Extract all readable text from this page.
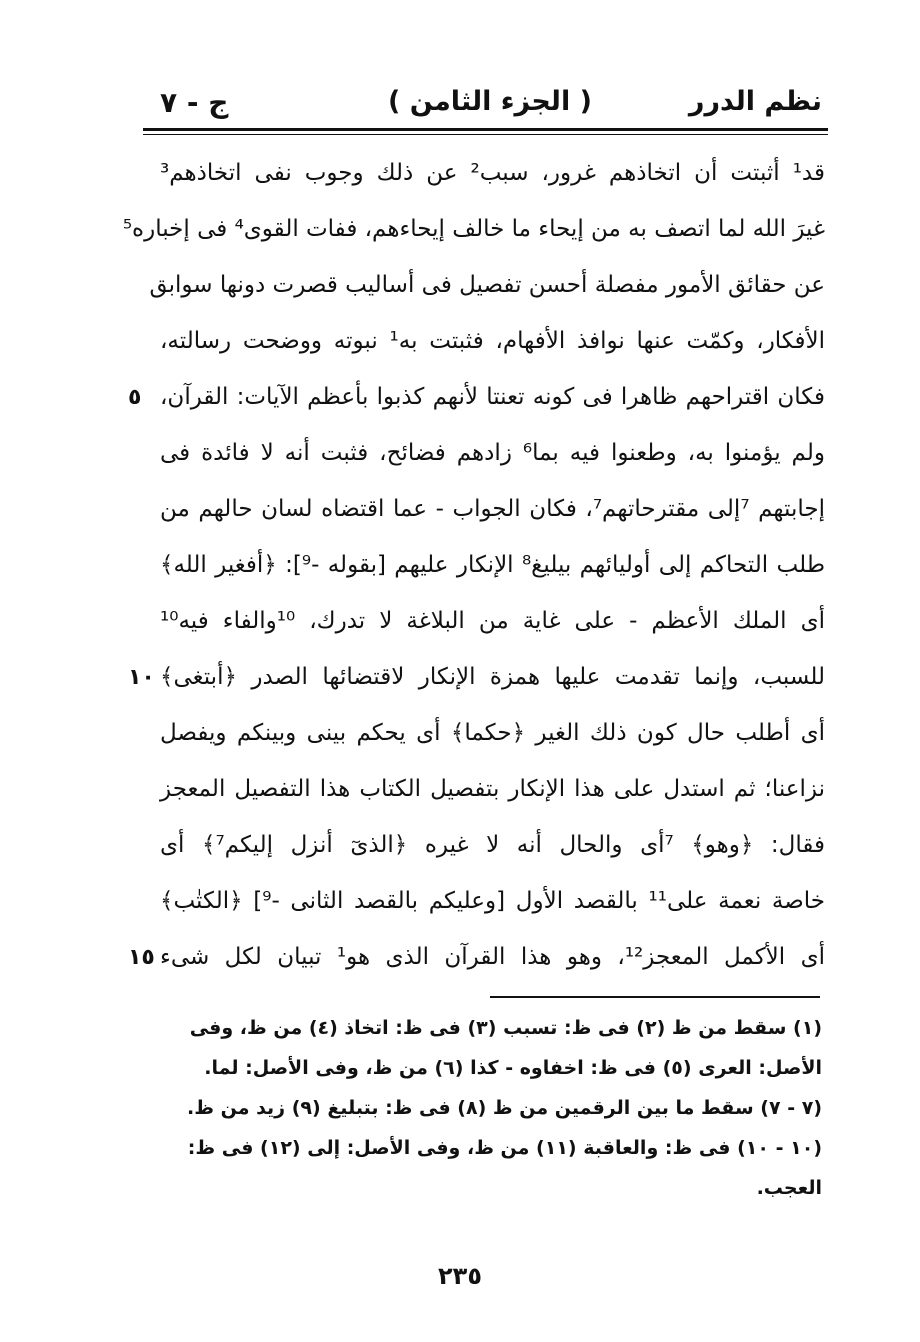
نظم الدرر
( الجزء الثامن )
ج - ٧
قد¹ أثبتت أن اتخاذهم غرور، سبب² عن ذلك وجوب نفى اتخاذهم³
غيرَ الله لما اتصف به من إيحاء ما خالف إيحاءهم، ففات القوى⁴ فى إخباره⁵
عن حقائق الأمور مفصلة أحسن تفصيل فى أساليب قصرت دونها سوابق
الأفكار، وكمّت عنها نوافذ الأفهام، فثبتت به¹ نبوته ووضحت رسالته،
فكان اقتراحهم ظاهرا فى كونه تعنتا لأنهم كذبوا بأعظم الآيات: القرآن،
ولم يؤمنوا به، وطعنوا فيه بما⁶ زادهم فضائح، فثبت أنه لا فائدة فى
إجابتهم ⁷إلى مقترحاتهم⁷، فكان الجواب - عما اقتضاه لسان حالهم من
طلب التحاكم إلى أوليائهم بيليغ⁸ الإنكار عليهم [بقوله -⁹]: ﴿أفغير الله﴾
أى الملك الأعظم - على غاية من البلاغة لا تدرك، ¹⁰والفاء فيه¹⁰
للسبب، وإنما تقدمت عليها همزة الإنكار لاقتضائها الصدر ﴿أبتغى﴾
أى أطلب حال كون ذلك الغير ﴿حكما﴾ أى يحكم بينى وبينكم ويفصل
نزاعنا؛ ثم استدل على هذا الإنكار بتفصيل الكتاب هذا التفصيل المعجز
فقال: ﴿وهو﴾ ⁷أى والحال أنه لا غيره ﴿الذىٓ أنزل إليكم⁷﴾ أى
خاصة نعمة على¹¹ بالقصد الأول [وعليكم بالقصد الثانى -⁹] ﴿الكتٰب﴾
أى الأكمل المعجز¹²، وهو هذا القرآن الذى هو¹ تبيان لكل شىء
٥
١٠
١٥
(١) سقط من ظ (٢) فى ظ: تسبب (٣) فى ظ: اتخاذ (٤) من ظ، وفى
الأصل: العرى (٥) فى ظ: اخفاوه - كذا (٦) من ظ، وفى الأصل: لما.
(٧ - ٧) سقط ما بين الرقمين من ظ (٨) فى ظ: بتبليغ (٩) زيد من ظ.
(١٠ - ١٠) فى ظ: والعاقبة (١١) من ظ، وفى الأصل: إلى (١٢) فى ظ:
العجب.
٢٣٥
